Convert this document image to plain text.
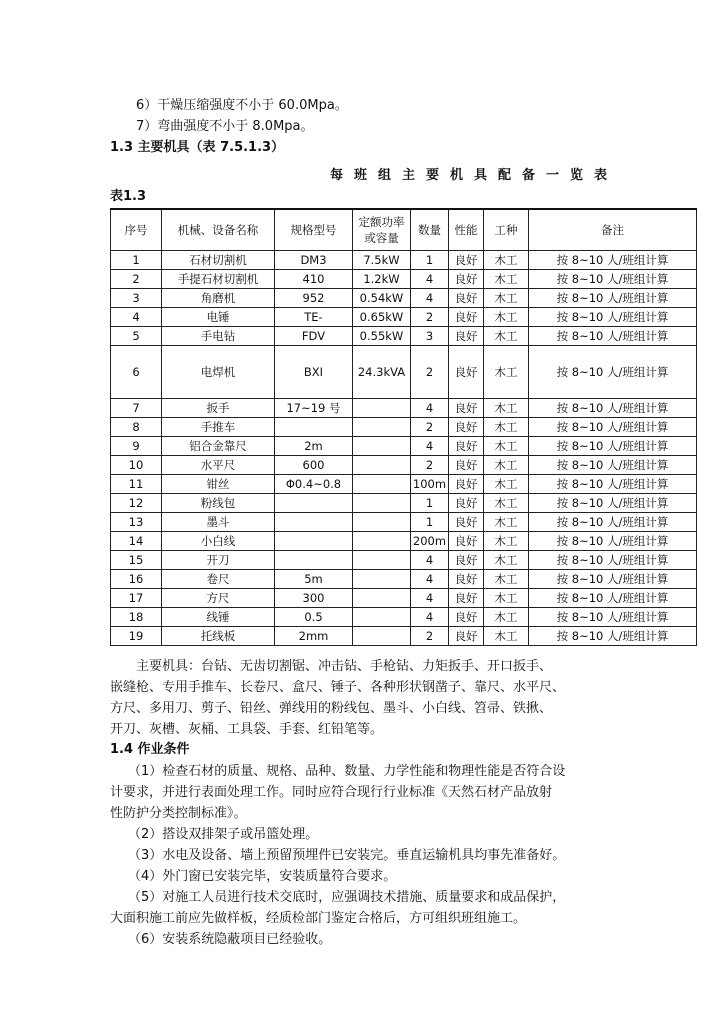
6）干燥压缩强度不小于 60.0Mpa。
7）弯曲强度不小于 8.0Mpa。
1.3 主要机具（表 7.5.1.3）
每班组主要机具配备一览表
表1.3
序号	机械、设备名称	规格型号	定额功率或容量	数量	性能	工种	备注
1	石材切割机	DM3	7.5kW	1	良好	木工	按 8~10 人/班组计算
2	手提石材切割机	410	1.2kW	4	良好	木工	按 8~10 人/班组计算
3	角磨机	952	0.54kW	4	良好	木工	按 8~10 人/班组计算
4	电锤	TE-	0.65kW	2	良好	木工	按 8~10 人/班组计算
5	手电钻	FDV	0.55kW	3	良好	木工	按 8~10 人/班组计算
6	电焊机	BXI	24.3kVA	2	良好	木工	按 8~10 人/班组计算
7	扳手	17~19 号		4	良好	木工	按 8~10 人/班组计算
8	手推车			2	良好	木工	按 8~10 人/班组计算
9	铝合金靠尺	2m		4	良好	木工	按 8~10 人/班组计算
10	水平尺	600		2	良好	木工	按 8~10 人/班组计算
11	钳丝	Φ0.4~0.8		100m	良好	木工	按 8~10 人/班组计算
12	粉线包			1	良好	木工	按 8~10 人/班组计算
13	墨斗			1	良好	木工	按 8~10 人/班组计算
14	小白线			200m	良好	木工	按 8~10 人/班组计算
15	开刀			4	良好	木工	按 8~10 人/班组计算
16	卷尺	5m		4	良好	木工	按 8~10 人/班组计算
17	方尺	300		4	良好	木工	按 8~10 人/班组计算
18	线锤	0.5		4	良好	木工	按 8~10 人/班组计算
19	托线板	2mm		2	良好	木工	按 8~10 人/班组计算
主要机具：台钻、无齿切割锯、冲击钻、手枪钻、力矩扳手、开口扳手、
嵌缝枪、专用手推车、长卷尺、盒尺、锤子、各种形状钢凿子、靠尺、水平尺、
方尺、多用刀、剪子、铅丝、弹线用的粉线包、墨斗、小白线、笤帚、铁揪、
开刀、灰槽、灰桶、工具袋、手套、红铅笔等。
1.4 作业条件
（1）检查石材的质量、规格、品种、数量、力学性能和物理性能是否符合设
计要求，并进行表面处理工作。同时应符合现行行业标准《天然石材产品放射
性防护分类控制标准》。
（2）搭设双排架子或吊篮处理。
（3）水电及设备、墙上预留预埋件已安装完。垂直运输机具均事先准备好。
（4）外门窗已安装完毕，安装质量符合要求。
（5）对施工人员进行技术交底时，应强调技术措施、质量要求和成品保护，
大面积施工前应先做样板，经质检部门鉴定合格后，方可组织班组施工。
（6）安装系统隐蔽项目已经验收。
